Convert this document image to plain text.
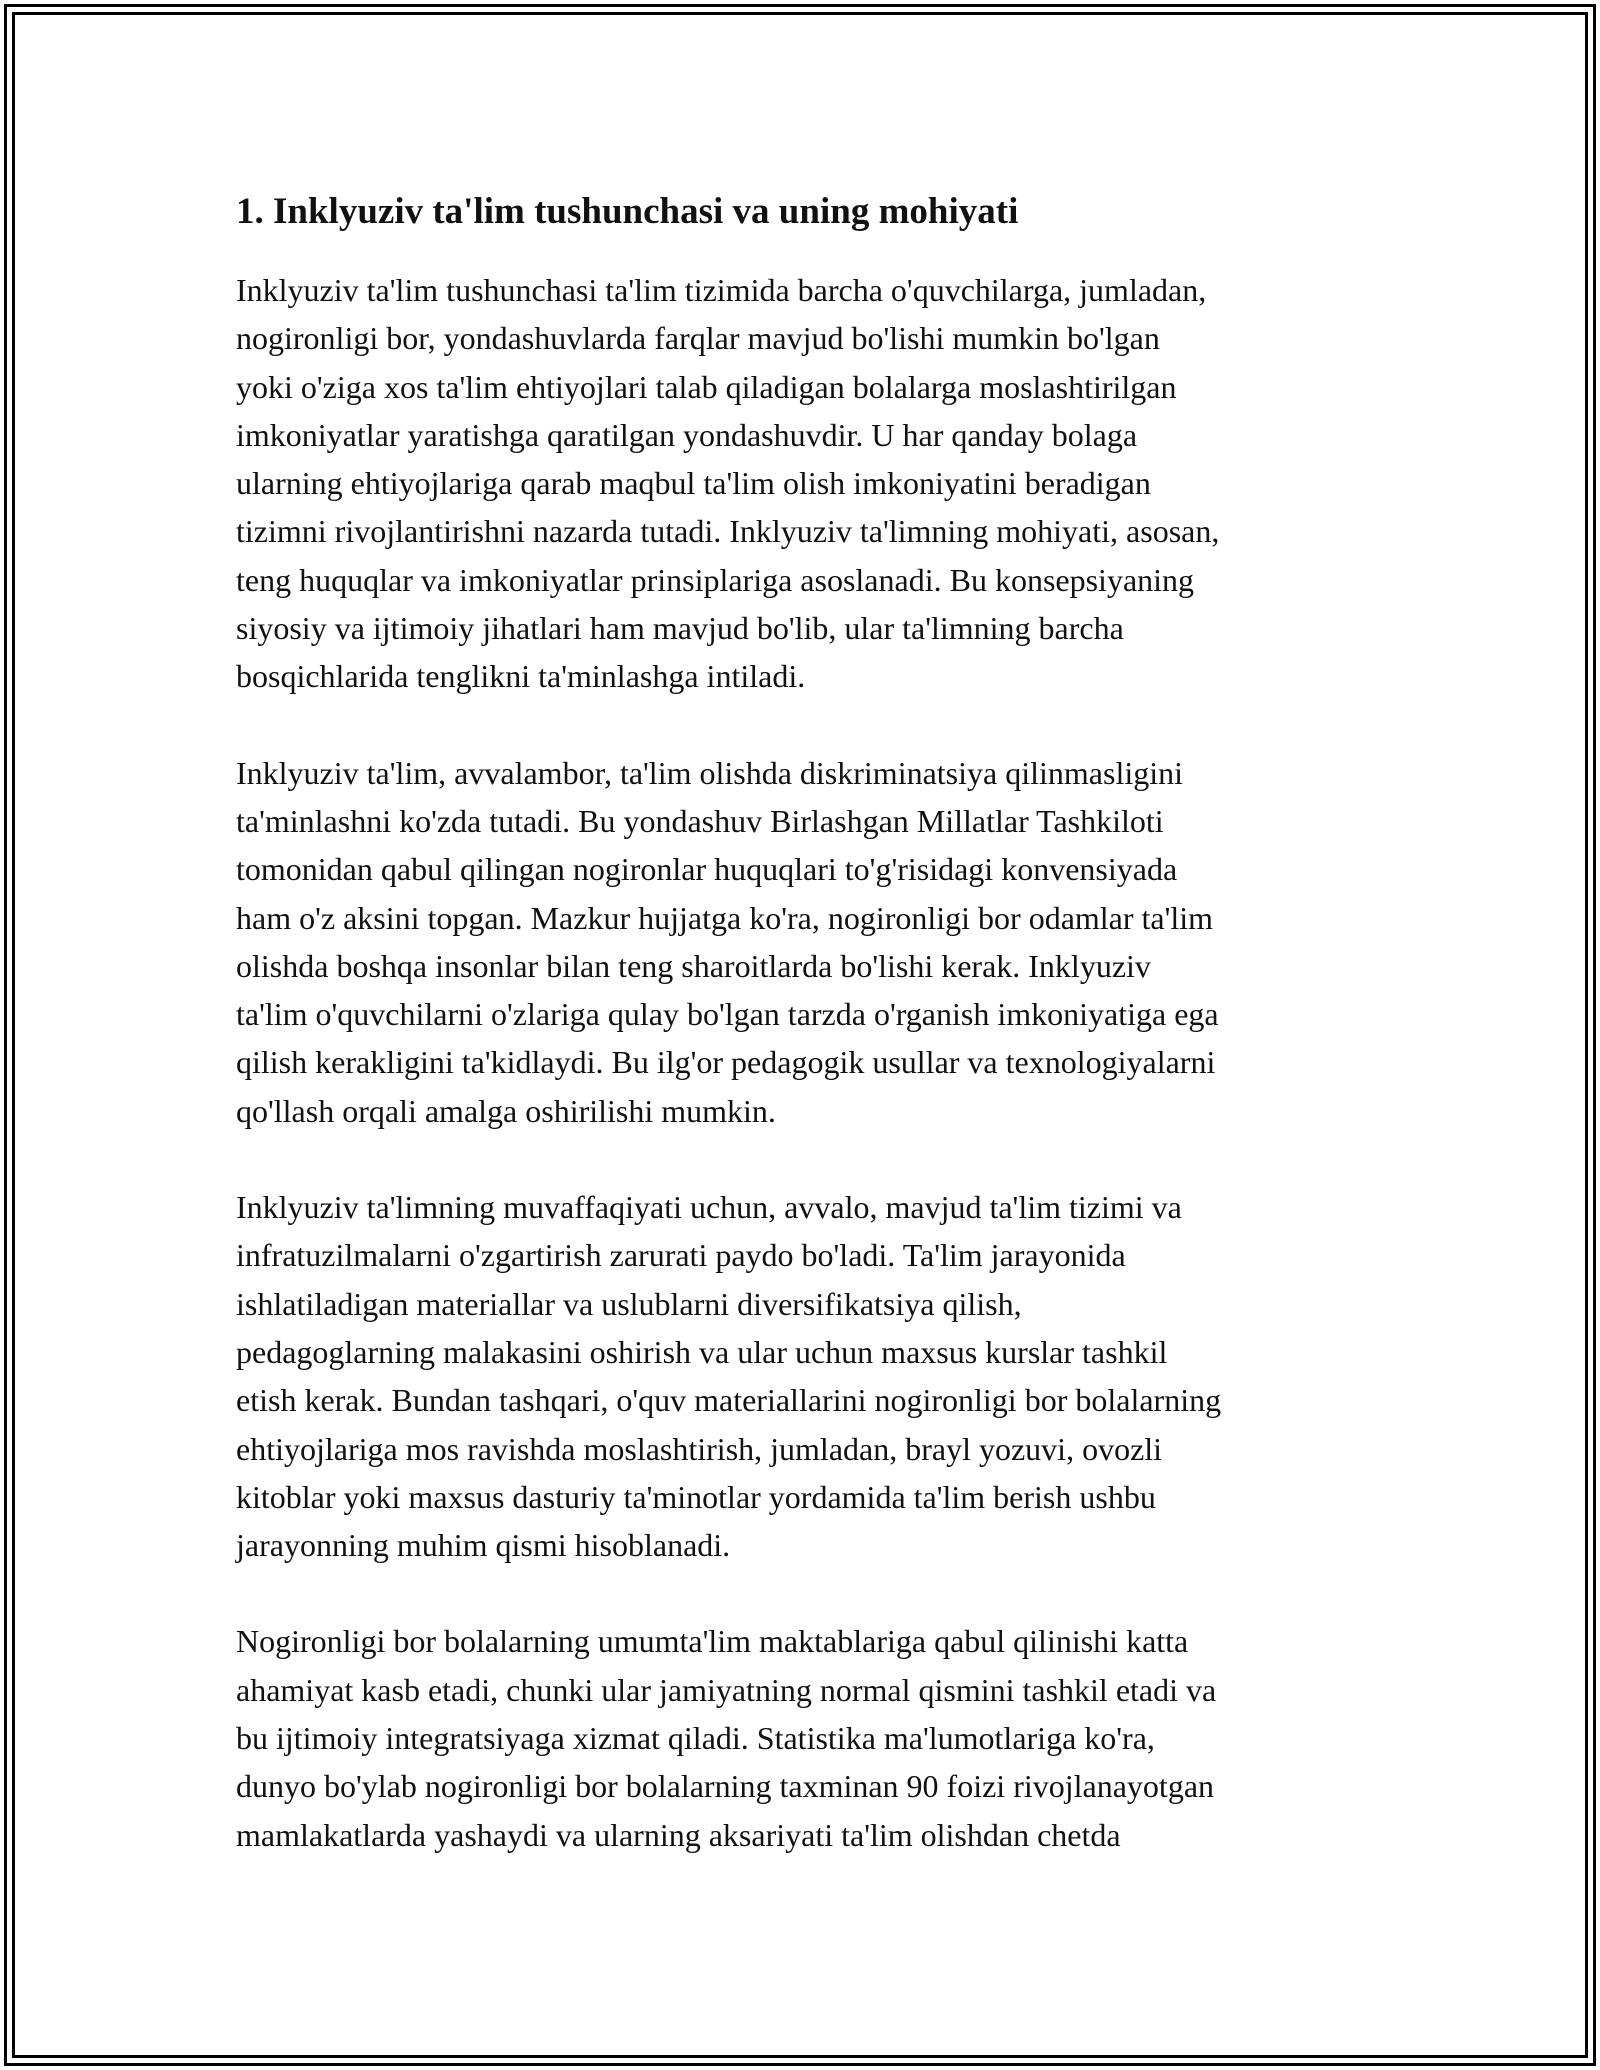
1. Inklyuziv ta'lim tushunchasi va uning mohiyati

Inklyuziv ta'lim tushunchasi ta'lim tizimida barcha o'quvchilarga, jumladan,
nogironligi bor, yondashuvlarda farqlar mavjud bo'lishi mumkin bo'lgan
yoki o'ziga xos ta'lim ehtiyojlari talab qiladigan bolalarga moslashtirilgan
imkoniyatlar yaratishga qaratilgan yondashuvdir. U har qanday bolaga
ularning ehtiyojlariga qarab maqbul ta'lim olish imkoniyatini beradigan
tizimni rivojlantirishni nazarda tutadi. Inklyuziv ta'limning mohiyati, asosan,
teng huquqlar va imkoniyatlar prinsiplariga asoslanadi. Bu konsepsiyaning
siyosiy va ijtimoiy jihatlari ham mavjud bo'lib, ular ta'limning barcha
bosqichlarida tenglikni ta'minlashga intiladi.

Inklyuziv ta'lim, avvalambor, ta'lim olishda diskriminatsiya qilinmasligini
ta'minlashni ko'zda tutadi. Bu yondashuv Birlashgan Millatlar Tashkiloti
tomonidan qabul qilingan nogironlar huquqlari to'g'risidagi konvensiyada
ham o'z aksini topgan. Mazkur hujjatga ko'ra, nogironligi bor odamlar ta'lim
olishda boshqa insonlar bilan teng sharoitlarda bo'lishi kerak. Inklyuziv
ta'lim o'quvchilarni o'zlariga qulay bo'lgan tarzda o'rganish imkoniyatiga ega
qilish kerakligini ta'kidlaydi. Bu ilg'or pedagogik usullar va texnologiyalarni
qo'llash orqali amalga oshirilishi mumkin.

Inklyuziv ta'limning muvaffaqiyati uchun, avvalo, mavjud ta'lim tizimi va
infratuzilmalarni o'zgartirish zarurati paydo bo'ladi. Ta'lim jarayonida
ishlatiladigan materiallar va uslublarni diversifikatsiya qilish,
pedagoglarning malakasini oshirish va ular uchun maxsus kurslar tashkil
etish kerak. Bundan tashqari, o'quv materiallarini nogironligi bor bolalarning
ehtiyojlariga mos ravishda moslashtirish, jumladan, brayl yozuvi, ovozli
kitoblar yoki maxsus dasturiy ta'minotlar yordamida ta'lim berish ushbu
jarayonning muhim qismi hisoblanadi.

Nogironligi bor bolalarning umumta'lim maktablariga qabul qilinishi katta
ahamiyat kasb etadi, chunki ular jamiyatning normal qismini tashkil etadi va
bu ijtimoiy integratsiyaga xizmat qiladi. Statistika ma'lumotlariga ko'ra,
dunyo bo'ylab nogironligi bor bolalarning taxminan 90 foizi rivojlanayotgan
mamlakatlarda yashaydi va ularning aksariyati ta'lim olishdan chetda
